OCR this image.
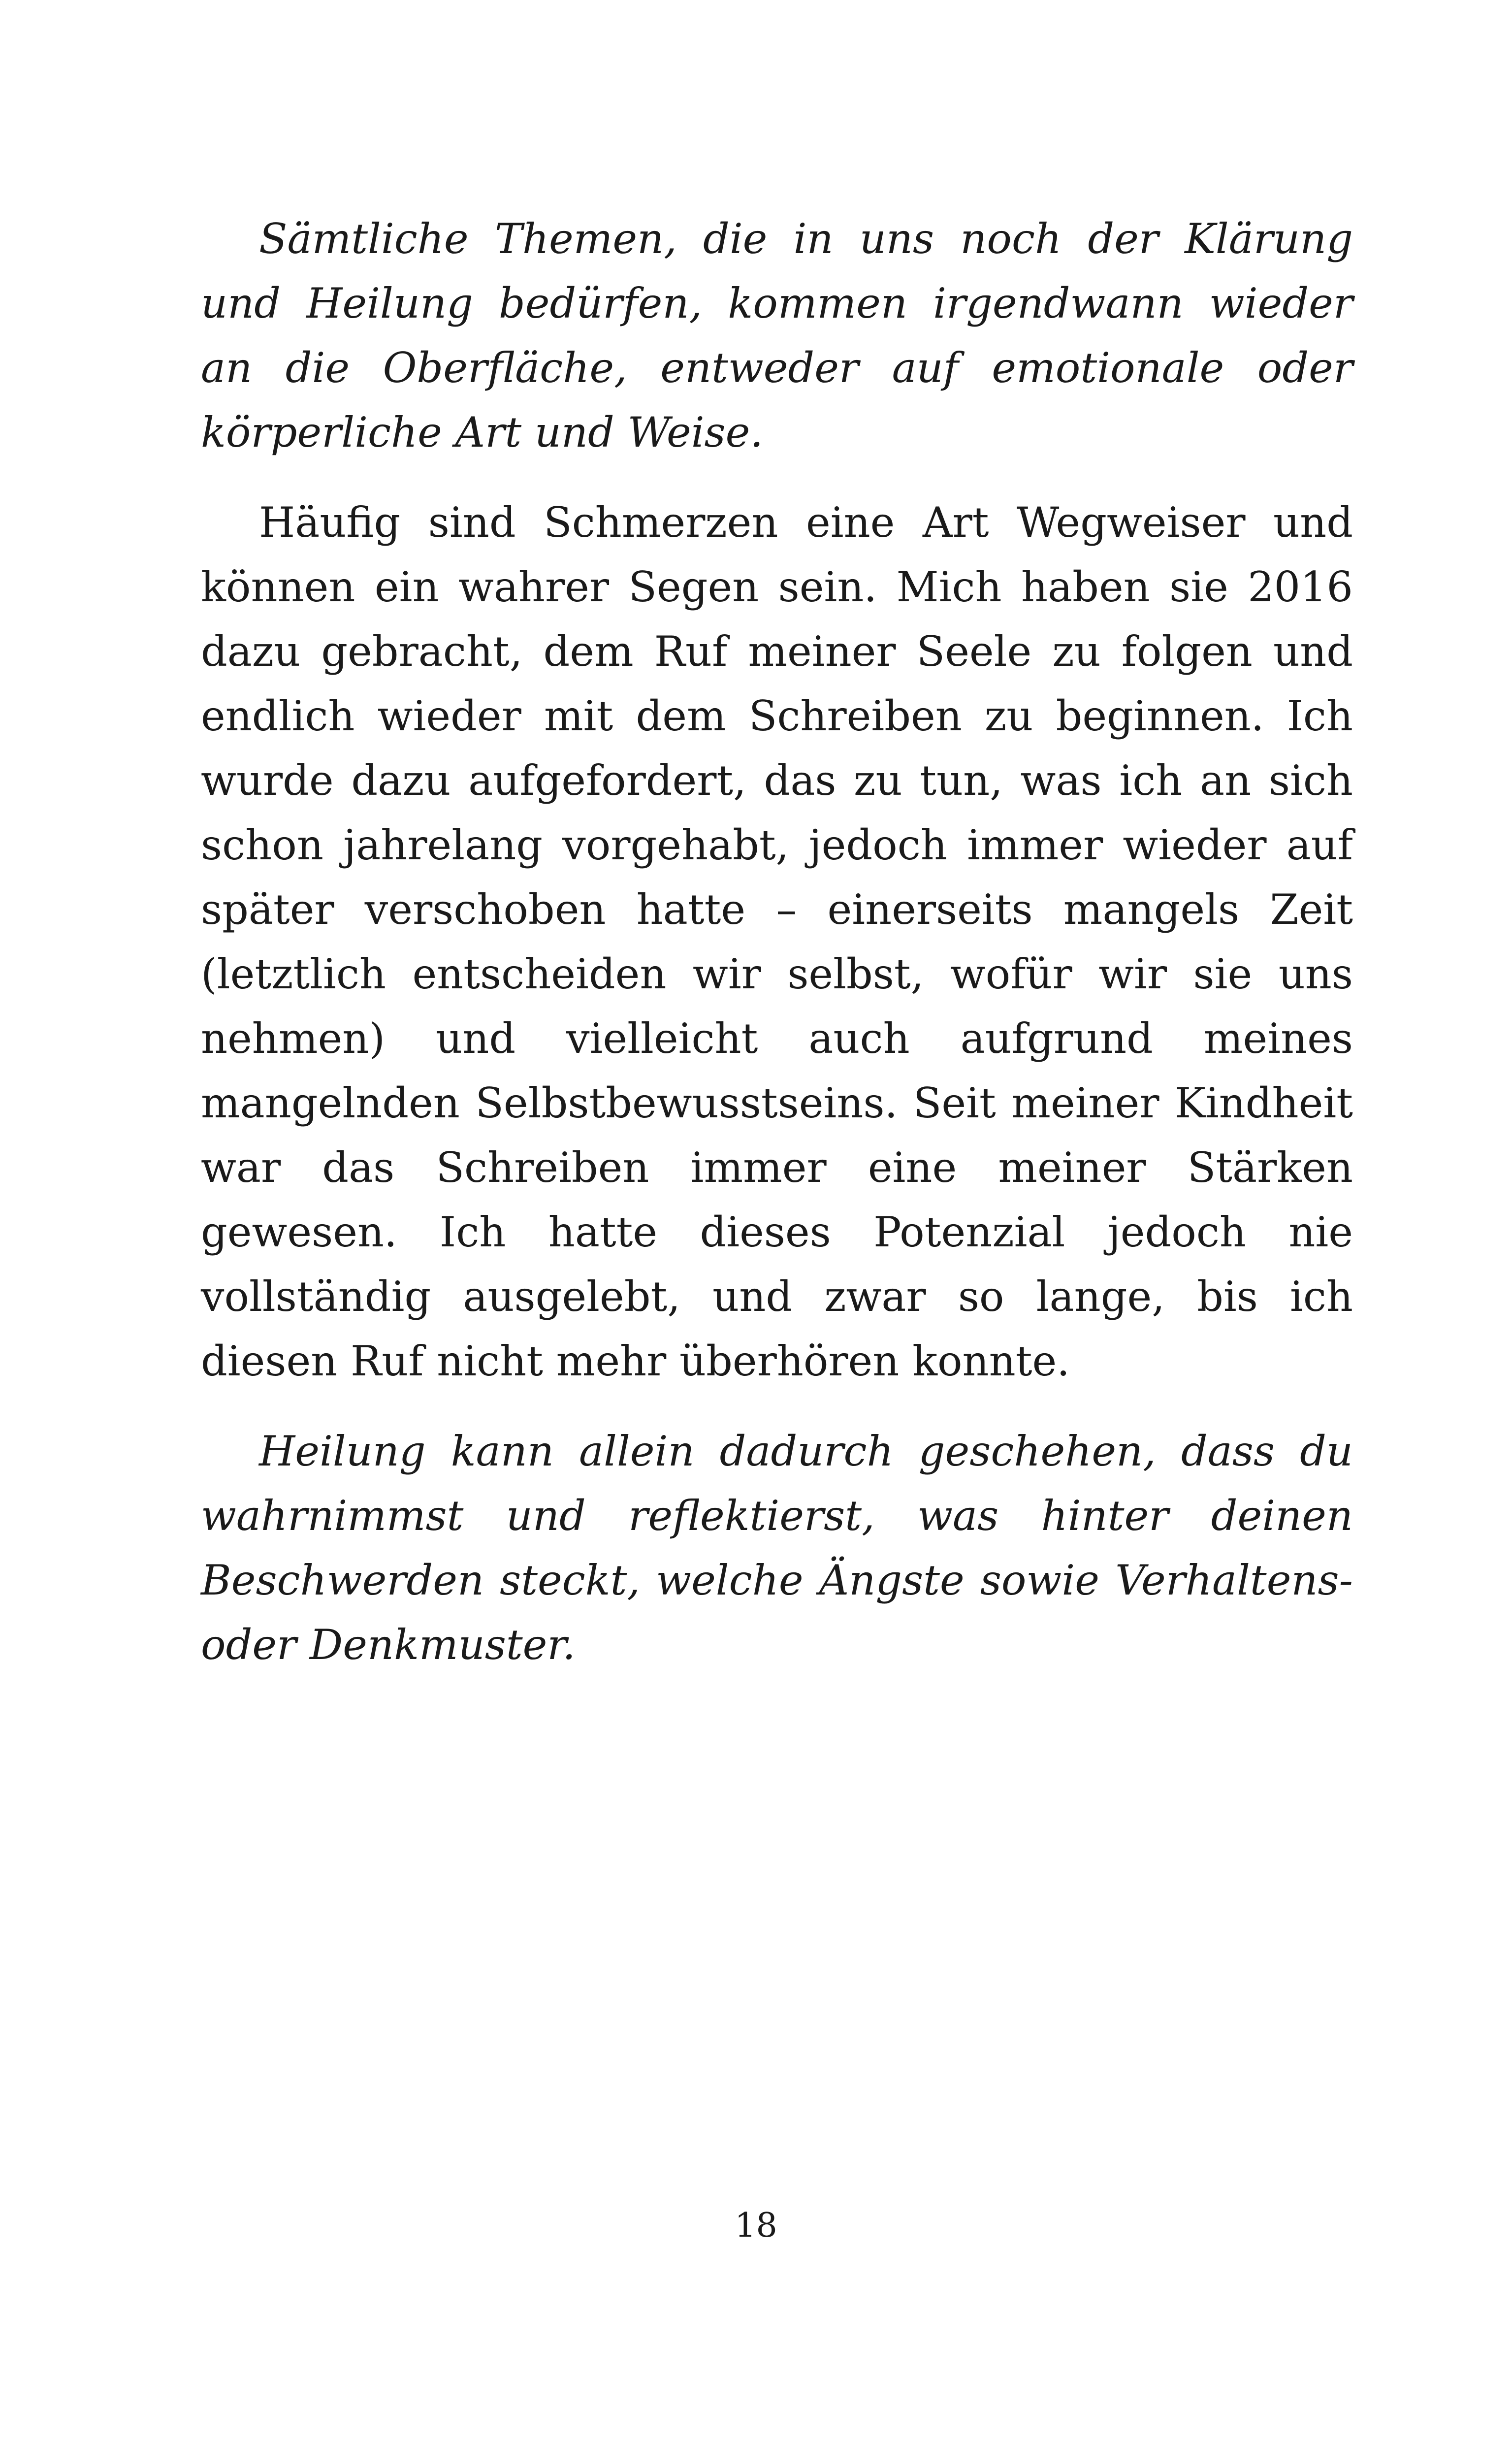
Sämtliche Themen, die in uns noch der Klärung und Heilung bedürfen, kommen irgendwann wieder an die Oberfläche, entweder auf emotionale oder körperliche Art und Weise.

Häufig sind Schmerzen eine Art Wegweiser und können ein wahrer Segen sein. Mich haben sie 2016 dazu gebracht, dem Ruf meiner Seele zu folgen und endlich wieder mit dem Schreiben zu beginnen. Ich wurde dazu aufgefordert, das zu tun, was ich an sich schon jahrelang vorgehabt, jedoch immer wieder auf später verschoben hatte – einerseits mangels Zeit (letztlich entscheiden wir selbst, wofür wir sie uns nehmen) und vielleicht auch aufgrund meines mangelnden Selbstbewusstseins. Seit meiner Kindheit war das Schreiben immer eine meiner Stärken gewesen. Ich hatte dieses Potenzial jedoch nie vollständig ausgelebt, und zwar so lange, bis ich diesen Ruf nicht mehr überhören konnte.

Heilung kann allein dadurch geschehen, dass du wahrnimmst und reflektierst, was hinter deinen Beschwerden steckt, welche Ängste sowie Verhaltens- oder Denkmuster.

18
